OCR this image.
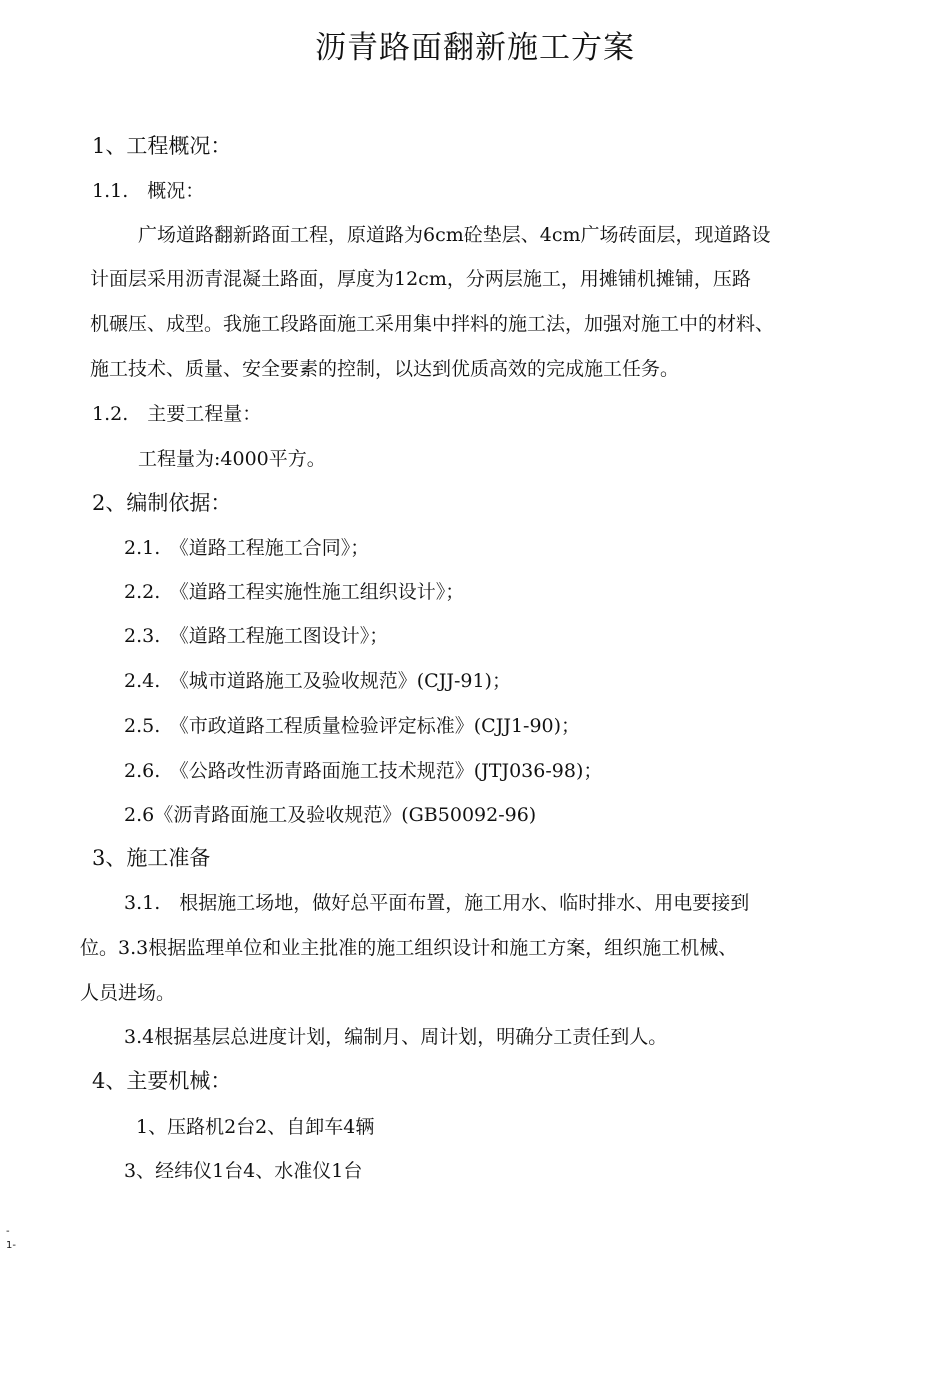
沥青路面翻新施工方案
1、工程概况：
1.1.　概况：
广场道路翻新路面工程，原道路为6cm砼垫层、4cm广场砖面层，现道路设
计面层采用沥青混凝土路面，厚度为12cm，分两层施工，用摊铺机摊铺，压路
机碾压、成型。我施工段路面施工采用集中拌料的施工法，加强对施工中的材料、
施工技术、质量、安全要素的控制，以达到优质高效的完成施工任务。
1.2.　主要工程量：
工程量为:4000平方。
2、编制依据：
2.1.　《道路工程施工合同》；
2.2.　《道路工程实施性施工组织设计》；
2.3.　《道路工程施工图设计》；
2.4.　《城市道路施工及验收规范》(CJJ-91)；
2.5.　《市政道路工程质量检验评定标准》(CJJ1-90)；
2.6.　《公路改性沥青路面施工技术规范》(JTJ036-98)；
2.6《沥青路面施工及验收规范》(GB50092-96)
3、施工准备
3.1.　根据施工场地，做好总平面布置，施工用水、临时排水、用电要接到
位。3.3根据监理单位和业主批准的施工组织设计和施工方案，组织施工机械、
人员进场。
3.4根据基层总进度计划，编制月、周计划，明确分工责任到人。
4、主要机械：
1、压路机2台2、自卸车4辆
3、经纬仪1台4、水准仪1台
-
1-
